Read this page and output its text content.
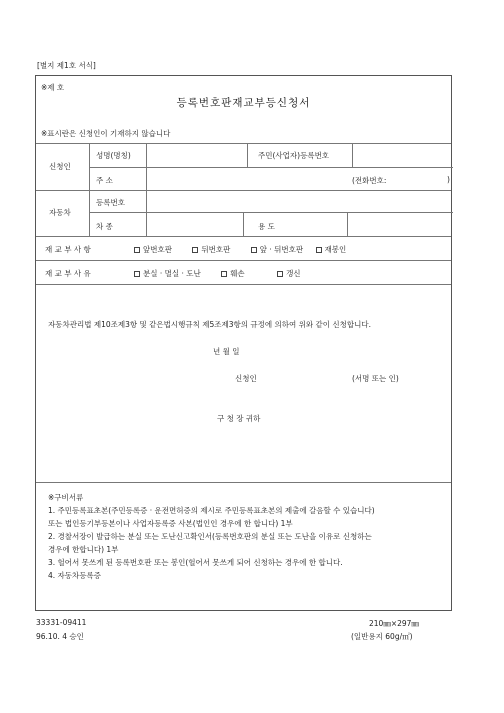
[별지 제1호 서식]
※제 호
등록번호판재교부등신청서
※표시란은 신청인이 기재하지 않습니다
신청인
성명(명칭)	주민(사업자)등록번호
주 소	(전화번호:	)
자동차
등록번호
차 종	용 도
재 교 부 사 항	앞번호판	뒤번호판	앞 · 뒤번호판	재봉인
재 교 부 사 유	분실 · 멸실 · 도난	훼손	갱신
자동차관리법 제10조제3항 및 같은법시행규칙 제5조제3항의 규정에 의하여 위와 같이 신청합니다.
년 월 일
신청인	(서명 또는 인)
구 청 장 귀하
※구비서류
1. 주민등록표초본(주민등록증 · 운전면허증의 제시로 주민등록표초본의 제출에 갈음할 수 있습니다)
또는 법인등기부등본이나 사업자등록증 사본(법인인 경우에 한 합니다) 1부
2. 경찰서장이 발급하는 분실 또는 도난신고확인서(등록번호판의 분실 또는 도난을 이유로 신청하는
경우에 한합니다) 1부
3. 헐어서 못쓰게 된 등록번호판 또는 봉인(헐어서 못쓰게 되어 신청하는 경우에 한 합니다.
4. 자동차등록증
33331-09411	210㎜×297㎜
96.10. 4 승인	(일반용지 60g/㎡)
